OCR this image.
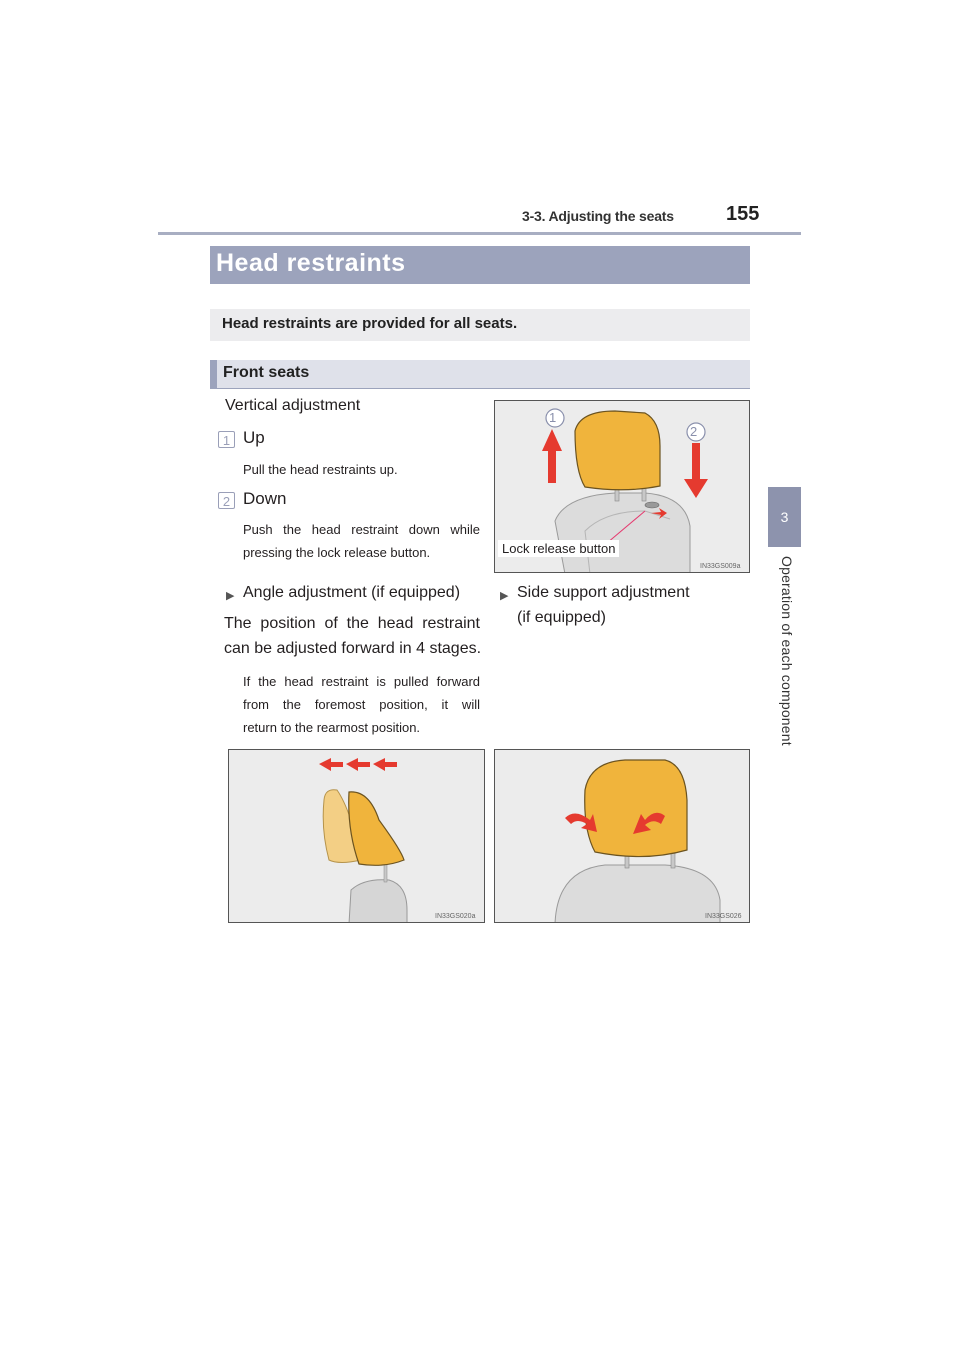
3-3. Adjusting the seats	155
3
Operation of each component
Head restraints
Head restraints are provided for all seats.
Front seats
Vertical adjustment
1 Up
Pull the head restraints up.
2 Down
Push the head restraint down while
pressing the lock release button.
1
2
Lock release button
IN33GS009a
▶ Angle adjustment (if equipped)
The position of the head restraint
can be adjusted forward in 4 stages.
If the head restraint is pulled forward
from the foremost position, it will
return to the rearmost position.
▶ Side support adjustment
(if equipped)
IN33GS020a	IN33GS026
